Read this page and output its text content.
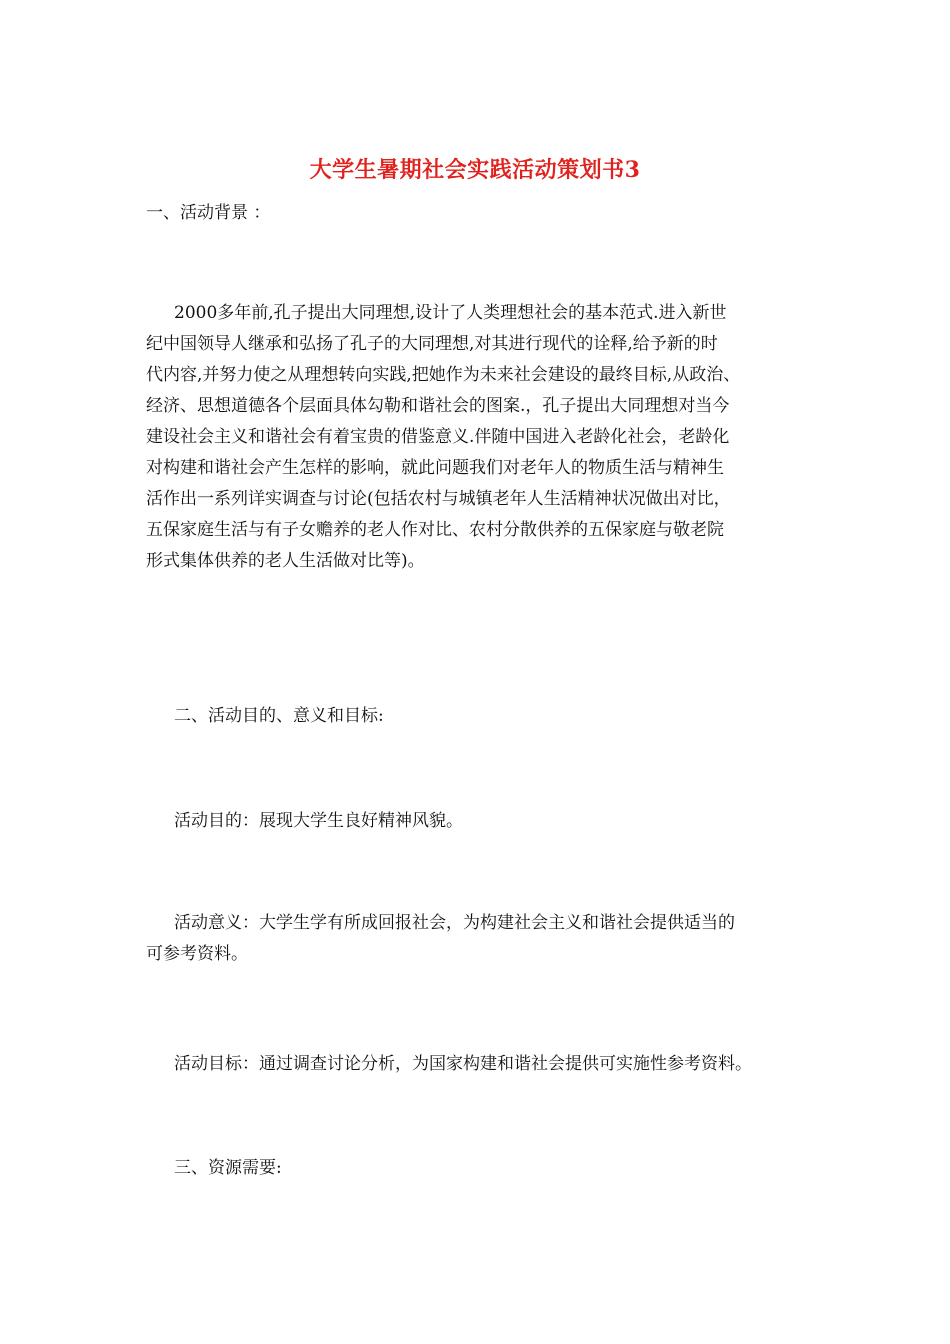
大学生暑期社会实践活动策划书3
一、活动背景 ：
2000多年前,孔子提出大同理想,设计了人类理想社会的基本范式.进入新世
纪中国领导人继承和弘扬了孔子的大同理想,对其进行现代的诠释,给予新的时
代内容,并努力使之从理想转向实践,把她作为未来社会建设的最终目标,从政治、
经济、思想道德各个层面具体勾勒和谐社会的图案.，孔子提出大同理想对当今
建设社会主义和谐社会有着宝贵的借鉴意义.伴随中国进入老龄化社会，老龄化
对构建和谐社会产生怎样的影响，就此问题我们对老年人的物质生活与精神生
活作出一系列详实调查与讨论(包括农村与城镇老年人生活精神状况做出对比，
五保家庭生活与有子女赡养的老人作对比、农村分散供养的五保家庭与敬老院
形式集体供养的老人生活做对比等)。
二、活动目的、意义和目标:
活动目的：展现大学生良好精神风貌。
活动意义：大学生学有所成回报社会，为构建社会主义和谐社会提供适当的
可参考资料。
活动目标：通过调查讨论分析，为国家构建和谐社会提供可实施性参考资料。
三、资源需要:
